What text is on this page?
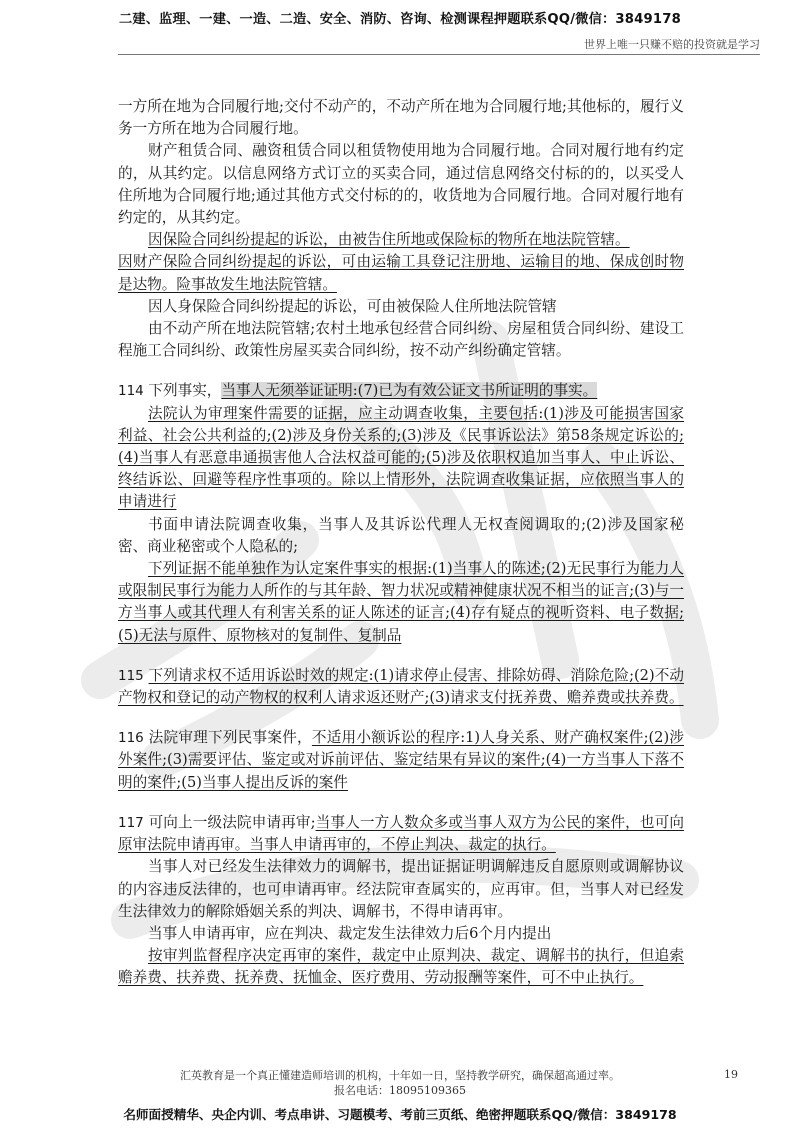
二建、监理、一建、一造、二造、安全、消防、咨询、检测课程押题联系QQ/微信：3849178
世界上唯一只赚不赔的投资就是学习

一方所在地为合同履行地;交付不动产的，不动产所在地为合同履行地;其他标的，履行义务一方所在地为合同履行地。

财产租赁合同、融资租赁合同以租赁物使用地为合同履行地。合同对履行地有约定的，从其约定。以信息网络方式订立的买卖合同，通过信息网络交付标的的，以买受人住所地为合同履行地;通过其他方式交付标的的，收货地为合同履行地。合同对履行地有约定的，从其约定。

因保险合同纠纷提起的诉讼，由被告住所地或保险标的物所在地法院管辖。

因财产保险合同纠纷提起的诉讼，可由运输工具登记注册地、运输目的地、保成创时物是达物。险事故发生地法院管辖。

因人身保险合同纠纷提起的诉讼，可由被保险人住所地法院管辖

由不动产所在地法院管辖;农村土地承包经营合同纠纷、房屋租赁合同纠纷、建设工程施工合同纠纷、政策性房屋买卖合同纠纷，按不动产纠纷确定管辖。

114 下列事实，当事人无须举证证明:(7)已为有效公证文书所证明的事实。

法院认为审理案件需要的证据，应主动调查收集，主要包括:(1)涉及可能损害国家利益、社会公共利益的;(2)涉及身份关系的;(3)涉及《民事诉讼法》第58条规定诉讼的;(4)当事人有恶意串通损害他人合法权益可能的;(5)涉及依职权追加当事人、中止诉讼、终结诉讼、回避等程序性事项的。除以上情形外，法院调查收集证据，应依照当事人的申请进行

书面申请法院调查收集，当事人及其诉讼代理人无权查阅调取的;(2)涉及国家秘密、商业秘密或个人隐私的;

下列证据不能单独作为认定案件事实的根据:(1)当事人的陈述;(2)无民事行为能力人或限制民事行为能力人所作的与其年龄、智力状况或精神健康状况不相当的证言;(3)与一方当事人或其代理人有利害关系的证人陈述的证言;(4)存有疑点的视听资料、电子数据;(5)无法与原件、原物核对的复制件、复制品

115 下列请求权不适用诉讼时效的规定:(1)请求停止侵害、排除妨碍、消除危险;(2)不动产物权和登记的动产物权的权利人请求返还财产;(3)请求支付抚养费、赡养费或扶养费。

116 法院审理下列民事案件，不适用小额诉讼的程序:1)人身关系、财产确权案件;(2)涉外案件;(3)需要评估、鉴定或对诉前评估、鉴定结果有异议的案件;(4)一方当事人下落不明的案件;(5)当事人提出反诉的案件

117 可向上一级法院申请再审;当事人一方人数众多或当事人双方为公民的案件，也可向原审法院申请再审。当事人申请再审的，不停止判决、裁定的执行。

当事人对已经发生法律效力的调解书，提出证据证明调解违反自愿原则或调解协议的内容违反法律的，也可申请再审。经法院审查属实的，应再审。但，当事人对已经发生法律效力的解除婚姻关系的判决、调解书，不得申请再审。

当事人申请再审，应在判决、裁定发生法律效力后6个月内提出

按审判监督程序决定再审的案件，裁定中止原判决、裁定、调解书的执行，但追索赡养费、扶养费、抚养费、抚恤金、医疗费用、劳动报酬等案件，可不中止执行。

汇英教育是一个真正懂建造师培训的机构，十年如一日，坚持教学研究，确保超高通过率。
报名电话：18095109365
19
名师面授精华、央企内训、考点串讲、习题模考、考前三页纸、绝密押题联系QQ/微信：3849178
